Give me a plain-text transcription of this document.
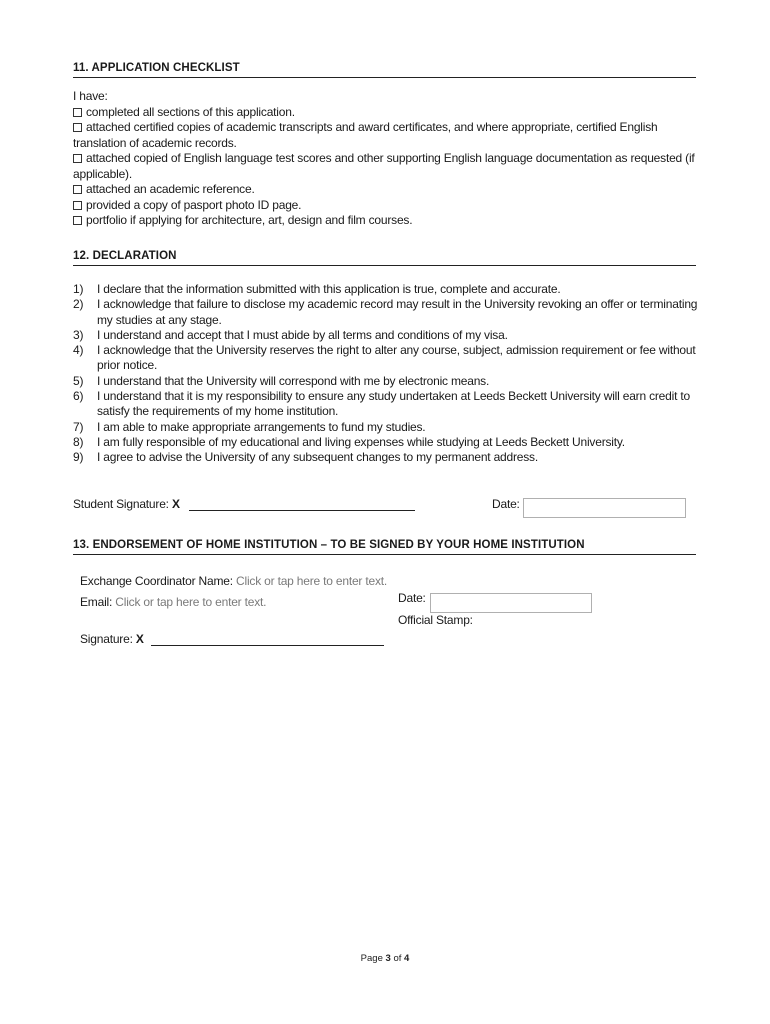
11. APPLICATION CHECKLIST
I have:
completed all sections of this application.
attached certified copies of academic transcripts and award certificates, and where appropriate, certified English translation of academic records.
attached copied of English language test scores and other supporting English language documentation as requested (if applicable).
attached an academic reference.
provided a copy of pasport photo ID page.
portfolio if applying for architecture, art, design and film courses.
12. DECLARATION
1) I declare that the information submitted with this application is true, complete and accurate.
2) I acknowledge that failure to disclose my academic record may result in the University revoking an offer or terminating my studies at any stage.
3) I understand and accept that I must abide by all terms and conditions of my visa.
4) I acknowledge that the University reserves the right to alter any course, subject, admission requirement or fee without prior notice.
5) I understand that the University will correspond with me by electronic means.
6) I understand that it is my responsibility to ensure any study undertaken at Leeds Beckett University will earn credit to satisfy the requirements of my home institution.
7) I am able to make appropriate arrangements to fund my studies.
8) I am fully responsible of my educational and living expenses while studying at Leeds Beckett University.
9) I agree to advise the University of any subsequent changes to my permanent address.
Student Signature: X	Date:
13. ENDORSEMENT OF HOME INSTITUTION – TO BE SIGNED BY YOUR HOME INSTITUTION
Exchange Coordinator Name: Click or tap here to enter text.
Email: Click or tap here to enter text.	Date:
Official Stamp:
Signature: X
Page 3 of 4
